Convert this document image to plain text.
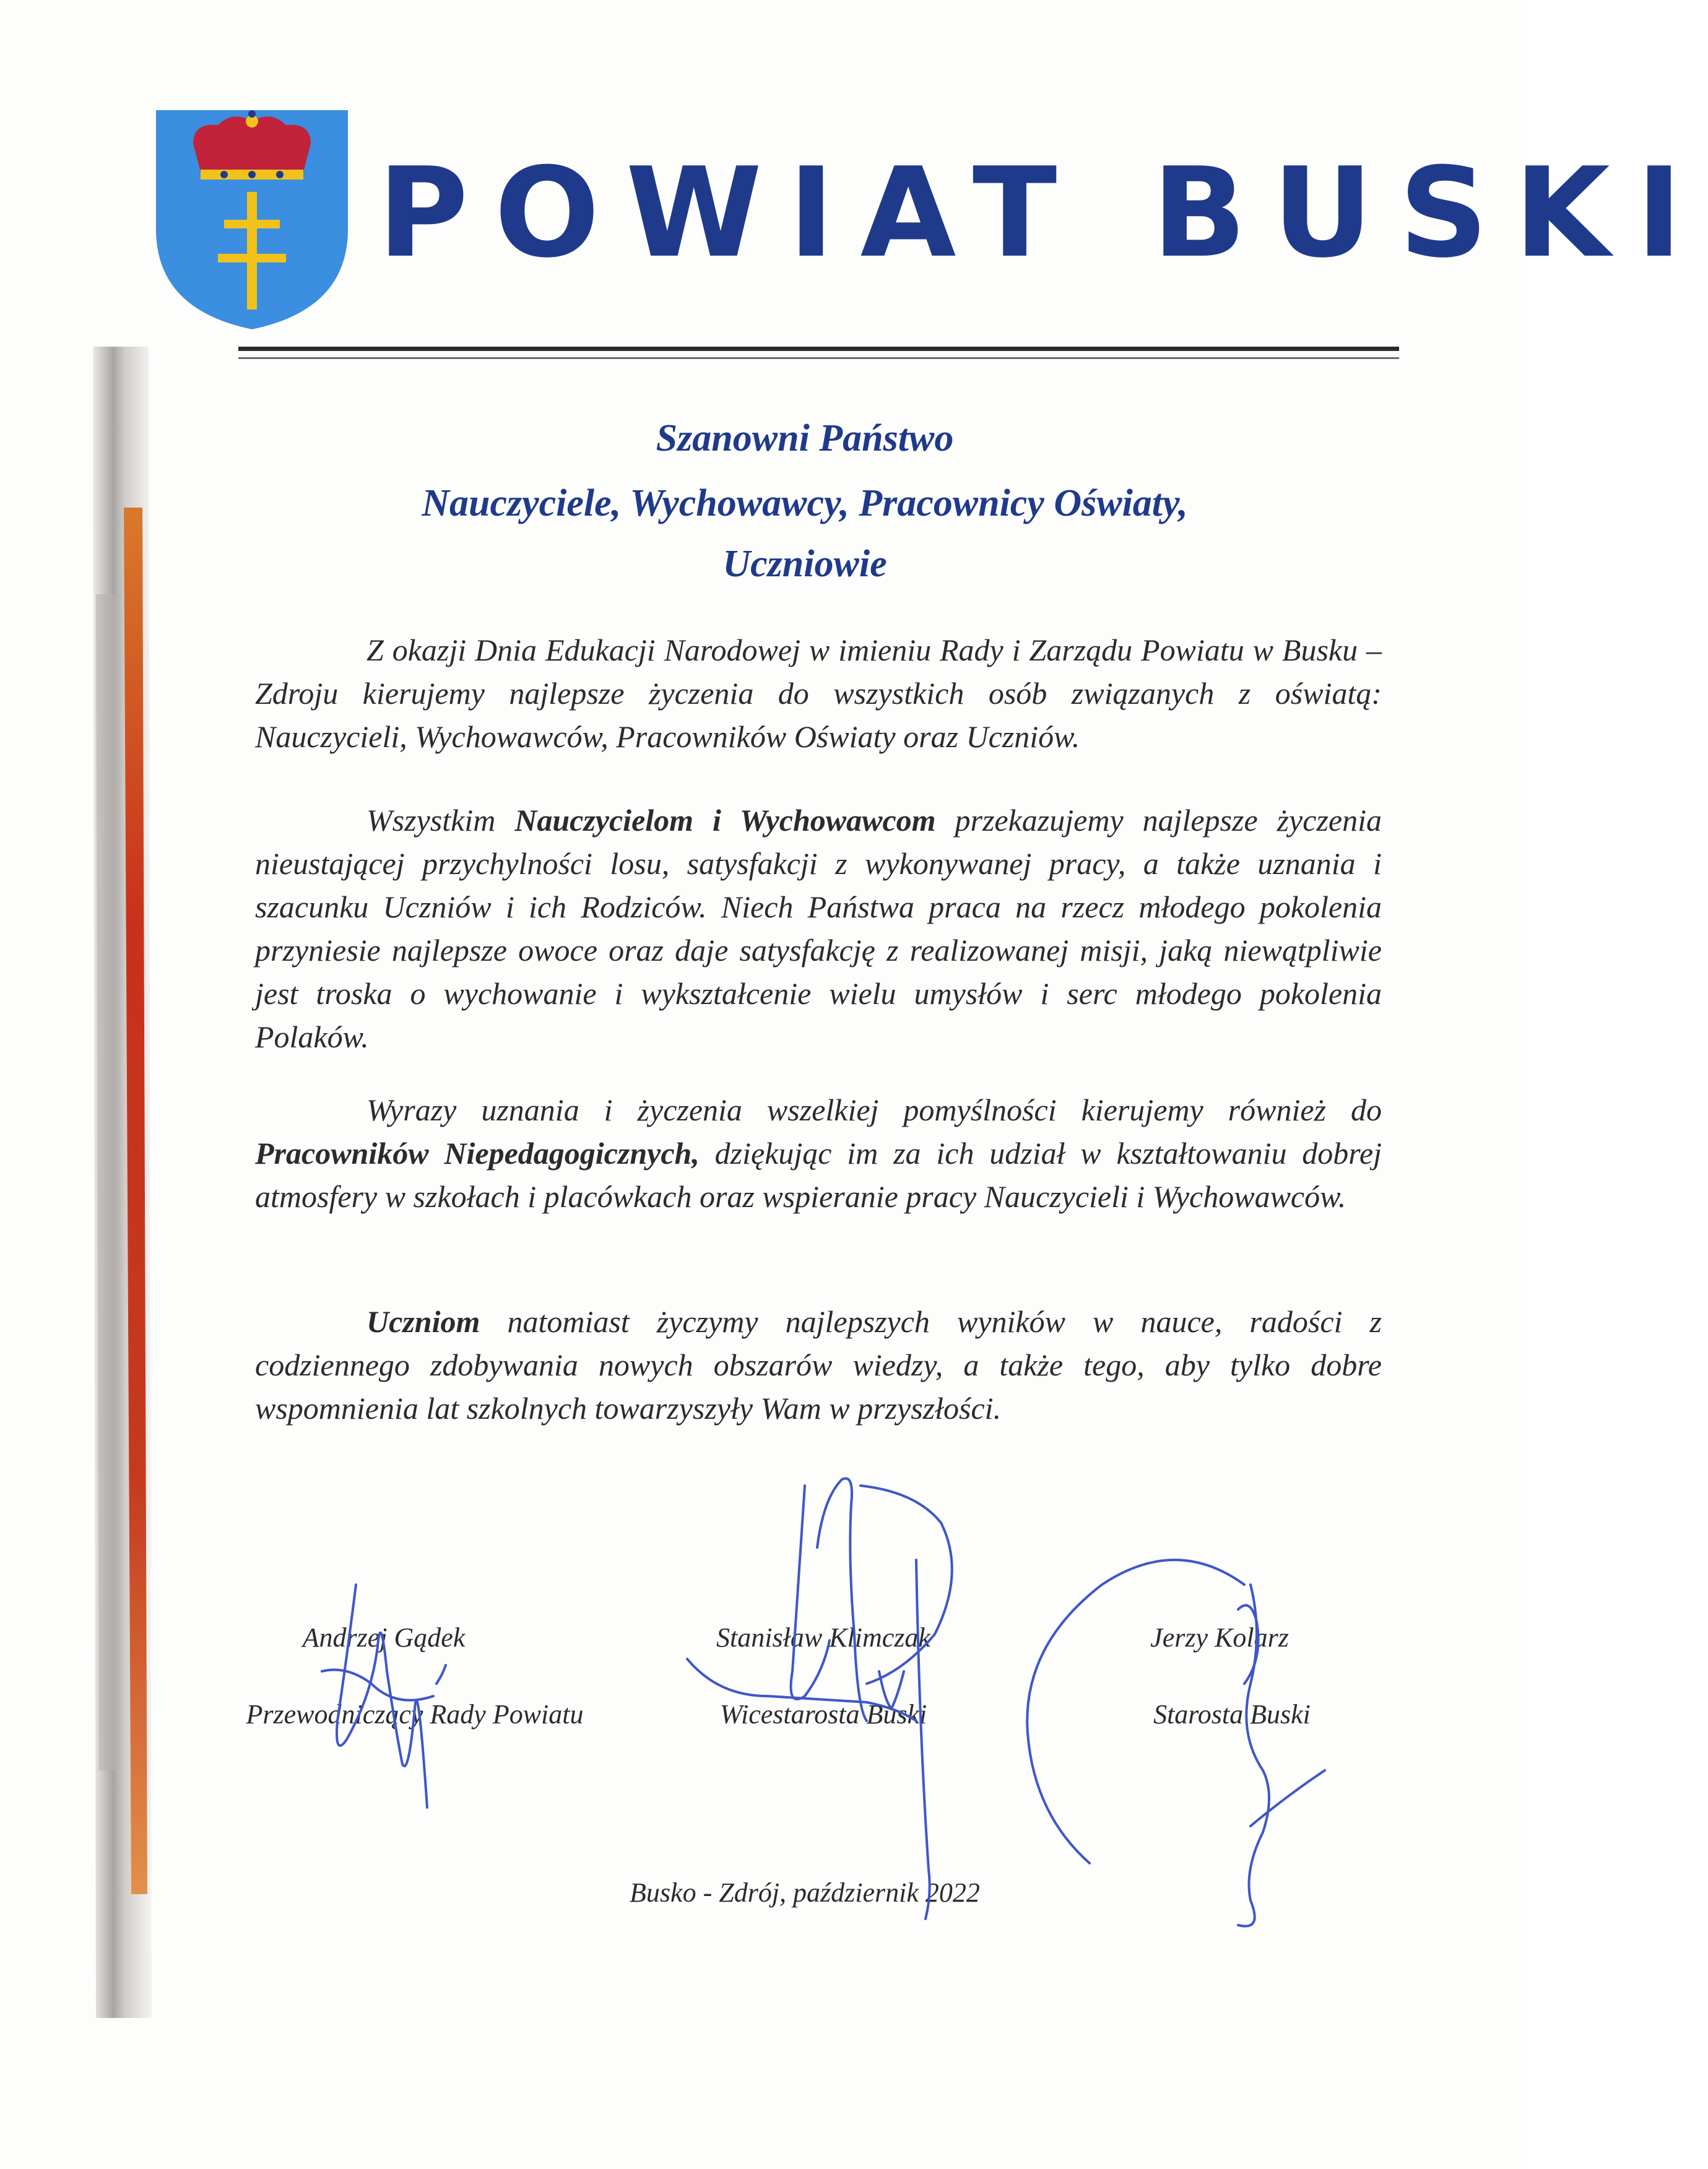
POWIAT BUSKI
Szanowni Państwo
Nauczyciele, Wychowawcy, Pracownicy Oświaty,
Uczniowie

Z okazji Dnia Edukacji Narodowej w imieniu Rady i Zarządu Powiatu w Busku – Zdroju kierujemy najlepsze życzenia do wszystkich osób związanych z oświatą: Nauczycieli, Wychowawców, Pracowników Oświaty oraz Uczniów.

Wszystkim Nauczycielom i Wychowawcom przekazujemy najlepsze życzenia nieustającej przychylności losu, satysfakcji z wykonywanej pracy, a także uznania i szacunku Uczniów i ich Rodziców. Niech Państwa praca na rzecz młodego pokolenia przyniesie najlepsze owoce oraz daje satysfakcję z realizowanej misji, jaką niewątpliwie jest troska o wychowanie i wykształcenie wielu umysłów i serc młodego pokolenia Polaków.

Wyrazy uznania i życzenia wszelkiej pomyślności kierujemy również do Pracowników Niepedagogicznych, dziękując im za ich udział w kształtowaniu dobrej atmosfery w szkołach i placówkach oraz wspieranie pracy Nauczycieli i Wychowawców.

Uczniom natomiast życzymy najlepszych wyników w nauce, radości z codziennego zdobywania nowych obszarów wiedzy, a także tego, aby tylko dobre wspomnienia lat szkolnych towarzyszyły Wam w przyszłości.

Andrzej Gądek	Stanisław Klimczak	Jerzy Kolarz
Przewodniczący Rady Powiatu	Wicestarosta Buski	Starosta Buski
Busko - Zdrój, październik 2022
